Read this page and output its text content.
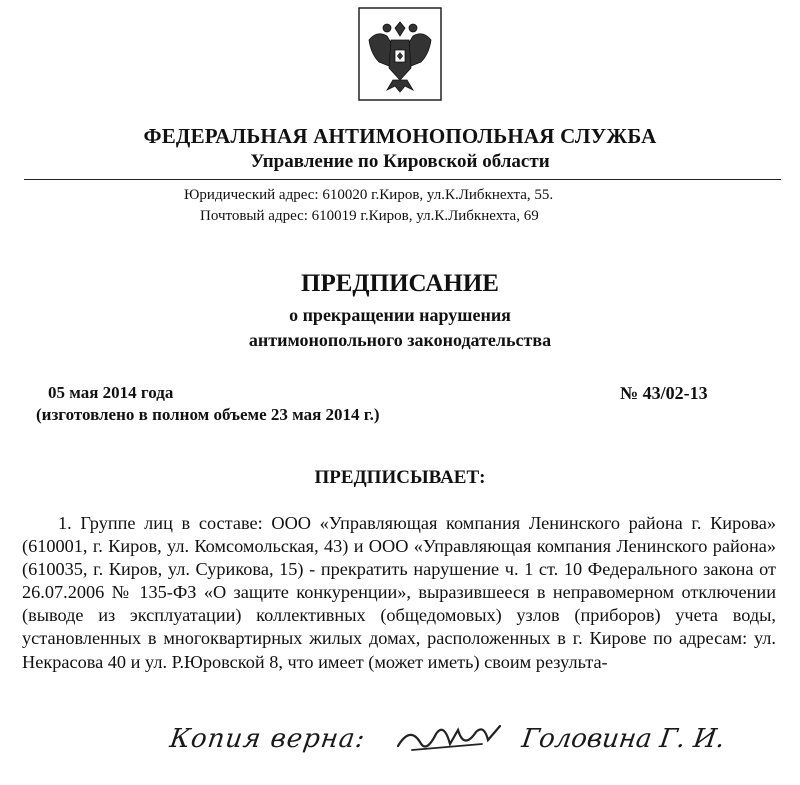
ФЕДЕРАЛЬНАЯ АНТИМОНОПОЛЬНАЯ СЛУЖБА
Управление по Кировской области
Юридический адрес: 610020 г.Киров, ул.К.Либкнехта, 55.
Почтовый адрес: 610019 г.Киров, ул.К.Либкнехта, 69
ПРЕДПИСАНИЕ
о прекращении нарушения
антимонопольного законодательства
05 мая 2014 года
(изготовлено в полном объеме 23 мая 2014 г.)
№ 43/02-13
ПРЕДПИСЫВАЕТ:
1. Группе лиц в составе: ООО «Управляющая компания Ленинского района г. Кирова» (610001, г. Киров, ул. Комсомольская, 43) и ООО «Управляющая компания Ленинского района» (610035, г. Киров, ул. Сурикова, 15) - прекратить нарушение ч. 1 ст. 10 Федерального закона от 26.07.2006 № 135-ФЗ «О защите конкуренции», выразившееся в неправомерном отключении (выводе из эксплуатации) коллективных (общедомовых) узлов (приборов) учета воды, установленных в многоквартирных жилых домах, расположенных в г. Кирове по адресам: ул. Некрасова 40 и ул. Р.Юровской 8, что имеет (может иметь) своим результа-
Копия верна:	Головина Г. И.
